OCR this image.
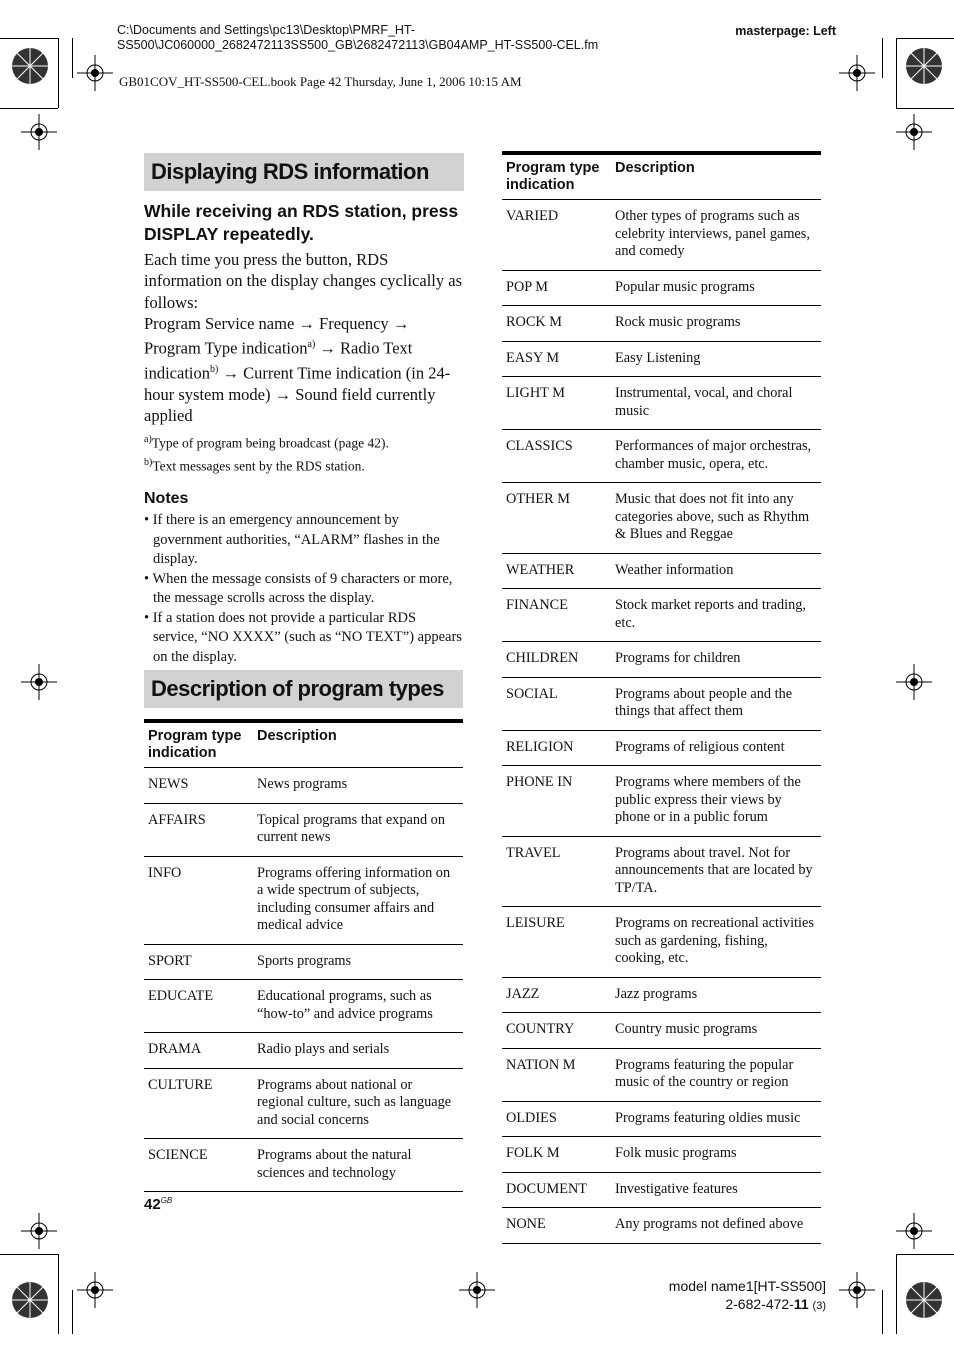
C:\Documents and Settings\pc13\Desktop\PMRF_HT-
SS500\JC060000_2682472113SS500_GB\2682472113\GB04AMP_HT-SS500-CEL.fm
masterpage: Left
GB01COV_HT-SS500-CEL.book Page 42 Thursday, June 1, 2006 10:15 AM
Displaying RDS information
While receiving an RDS station, press DISPLAY repeatedly.
Each time you press the button, RDS information on the display changes cyclically as follows:
Program Service name → Frequency → Program Type indication$^{a)}$ → Radio Text indication$^{b)}$ → Current Time indication (in 24-hour system mode) → Sound field currently applied
$^{a)}$Type of program being broadcast (page 42).
$^{b)}$Text messages sent by the RDS station.
Notes
• If there is an emergency announcement by government authorities, “ALARM” flashes in the display.
• When the message consists of 9 characters or more, the message scrolls across the display.
• If a station does not provide a particular RDS service, “NO XXXX” (such as “NO TEXT”) appears on the display.
Description of program types
Program type indication	Description
NEWS	News programs
AFFAIRS	Topical programs that expand on current news
INFO	Programs offering information on a wide spectrum of subjects, including consumer affairs and medical advice
SPORT	Sports programs
EDUCATE	Educational programs, such as “how-to” and advice programs
DRAMA	Radio plays and serials
CULTURE	Programs about national or regional culture, such as language and social concerns
SCIENCE	Programs about the natural sciences and technology
Program type indication	Description
VARIED	Other types of programs such as celebrity interviews, panel games, and comedy
POP M	Popular music programs
ROCK M	Rock music programs
EASY M	Easy Listening
LIGHT M	Instrumental, vocal, and choral music
CLASSICS	Performances of major orchestras, chamber music, opera, etc.
OTHER M	Music that does not fit into any categories above, such as Rhythm & Blues and Reggae
WEATHER	Weather information
FINANCE	Stock market reports and trading, etc.
CHILDREN	Programs for children
SOCIAL	Programs about people and the things that affect them
RELIGION	Programs of religious content
PHONE IN	Programs where members of the public express their views by phone or in a public forum
TRAVEL	Programs about travel. Not for announcements that are located by TP/TA.
LEISURE	Programs on recreational activities such as gardening, fishing, cooking, etc.
JAZZ	Jazz programs
COUNTRY	Country music programs
NATION M	Programs featuring the popular music of the country or region
OLDIES	Programs featuring oldies music
FOLK M	Folk music programs
DOCUMENT	Investigative features
NONE	Any programs not defined above
$42^{GB}$
model name1[HT-SS500]
2-682-472-11 (3)
